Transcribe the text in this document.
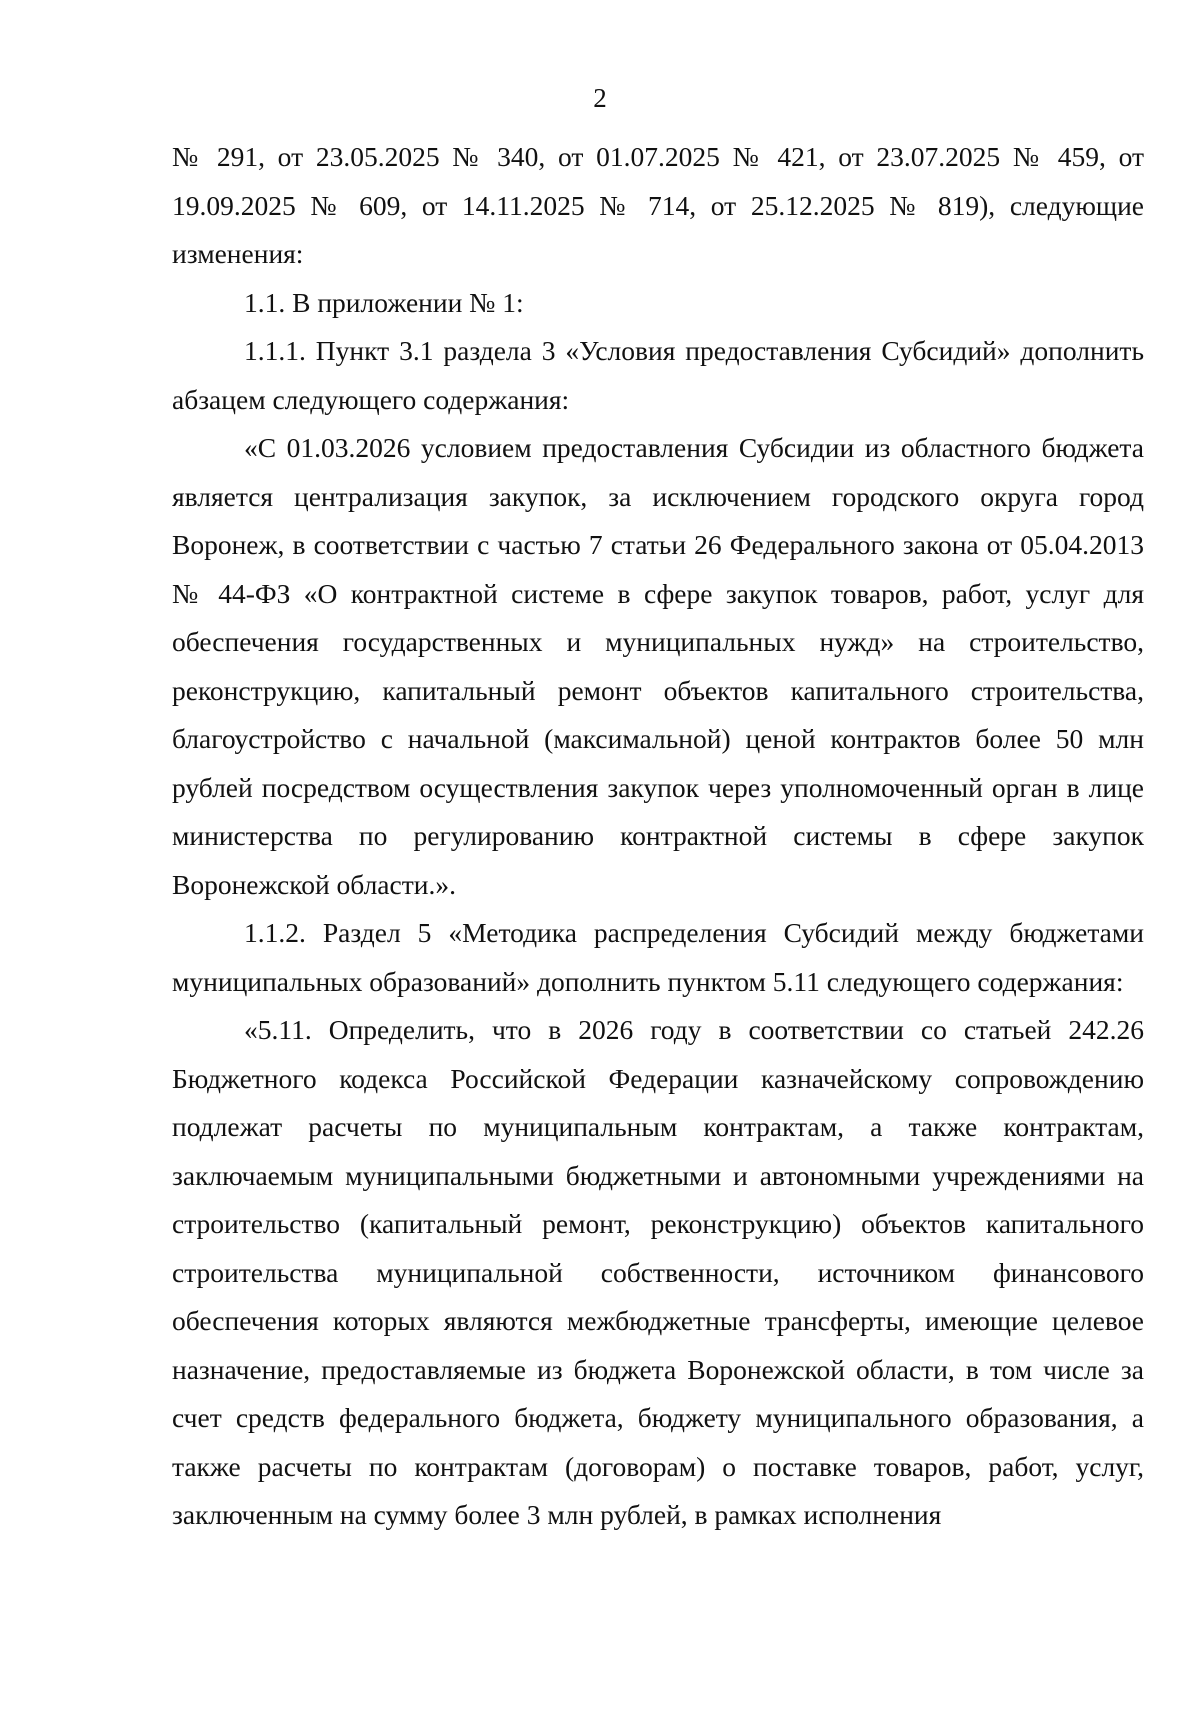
2

№ 291, от 23.05.2025 № 340, от 01.07.2025 № 421, от 23.07.2025 № 459, от 19.09.2025 № 609, от 14.11.2025 № 714, от 25.12.2025 № 819), следующие изменения:

1.1. В приложении № 1:

1.1.1. Пункт 3.1 раздела 3 «Условия предоставления Субсидий» дополнить абзацем следующего содержания:

«С 01.03.2026 условием предоставления Субсидии из областного бюджета является централизация закупок, за исключением городского округа город Воронеж, в соответствии с частью 7 статьи 26 Федерального закона от 05.04.2013 № 44-ФЗ «О контрактной системе в сфере закупок товаров, работ, услуг для обеспечения государственных и муниципальных нужд» на строительство, реконструкцию, капитальный ремонт объектов капитального строительства, благоустройство с начальной (максимальной) ценой контрактов более 50 млн рублей посредством осуществления закупок через уполномоченный орган в лице министерства по регулированию контрактной системы в сфере закупок Воронежской области.».

1.1.2. Раздел 5 «Методика распределения Субсидий между бюджетами муниципальных образований» дополнить пунктом 5.11 следующего содержания:

«5.11. Определить, что в 2026 году в соответствии со статьей 242.26 Бюджетного кодекса Российской Федерации казначейскому сопровождению подлежат расчеты по муниципальным контрактам, а также контрактам, заключаемым муниципальными бюджетными и автономными учреждениями на строительство (капитальный ремонт, реконструкцию) объектов капитального строительства муниципальной собственности, источником финансового обеспечения которых являются межбюджетные трансферты, имеющие целевое назначение, предоставляемые из бюджета Воронежской области, в том числе за счет средств федерального бюджета, бюджету муниципального образования, а также расчеты по контрактам (договорам) о поставке товаров, работ, услуг, заключенным на сумму более 3 млн рублей, в рамках исполнения
